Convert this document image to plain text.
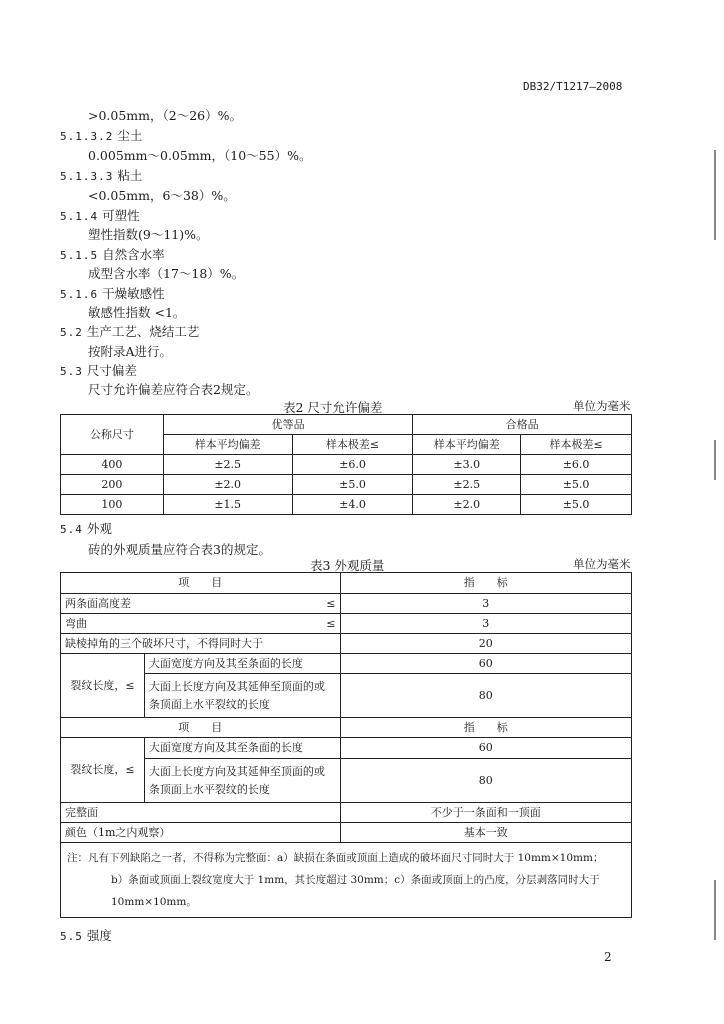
DB32/T1217—2008
>0.05mm，（2～26）%。
5.1.3.2 尘土
0.005mm～0.05mm，（10～55）%。
5.1.3.3 粘土
<0.05mm，6～38）%。
5.1.4 可塑性
塑性指数(9～11)%。
5.1.5 自然含水率
成型含水率（17～18）%。
5.1.6 干燥敏感性
敏感性指数 <1。
5.2 生产工艺、烧结工艺
按附录A进行。
5.3 尺寸偏差
尺寸允许偏差应符合表2规定。
表2 尺寸允许偏差	单位为毫米
公称尺寸	优等品		合格品	
	样本平均偏差	样本极差≤	样本平均偏差	样本极差≤
400	±2.5	±6.0	±3.0	±6.0
200	±2.0	±5.0	±2.5	±5.0
100	±1.5	±4.0	±2.0	±5.0
5.4 外观
砖的外观质量应符合表3的规定。
表3 外观质量	单位为毫米
项　　目		指　　标
两条面高度差 ≤		3
弯曲 ≤		3
缺棱掉角的三个破坏尺寸，不得同时大于		20
裂纹长度，≤	大面宽度方向及其至条面的长度	60
	大面上长度方向及其延伸至顶面的或条顶面上水平裂纹的长度	80
项　　目		指　　标
裂纹长度，≤	大面宽度方向及其至条面的长度	60
	大面上长度方向及其延伸至顶面的或条顶面上水平裂纹的长度	80
完整面		不少于一条面和一顶面
颜色（1m之内观察）		基本一致

注：凡有下列缺陷之一者，不得称为完整面：a）缺损在条面或顶面上造成的破坏面尺寸同时大于 10mm×10mm；
b）条面或顶面上裂纹宽度大于 1mm，其长度超过 30mm；c）条面或顶面上的凸度，分层剥落同时大于
10mm×10mm。		
5.5 强度
2
